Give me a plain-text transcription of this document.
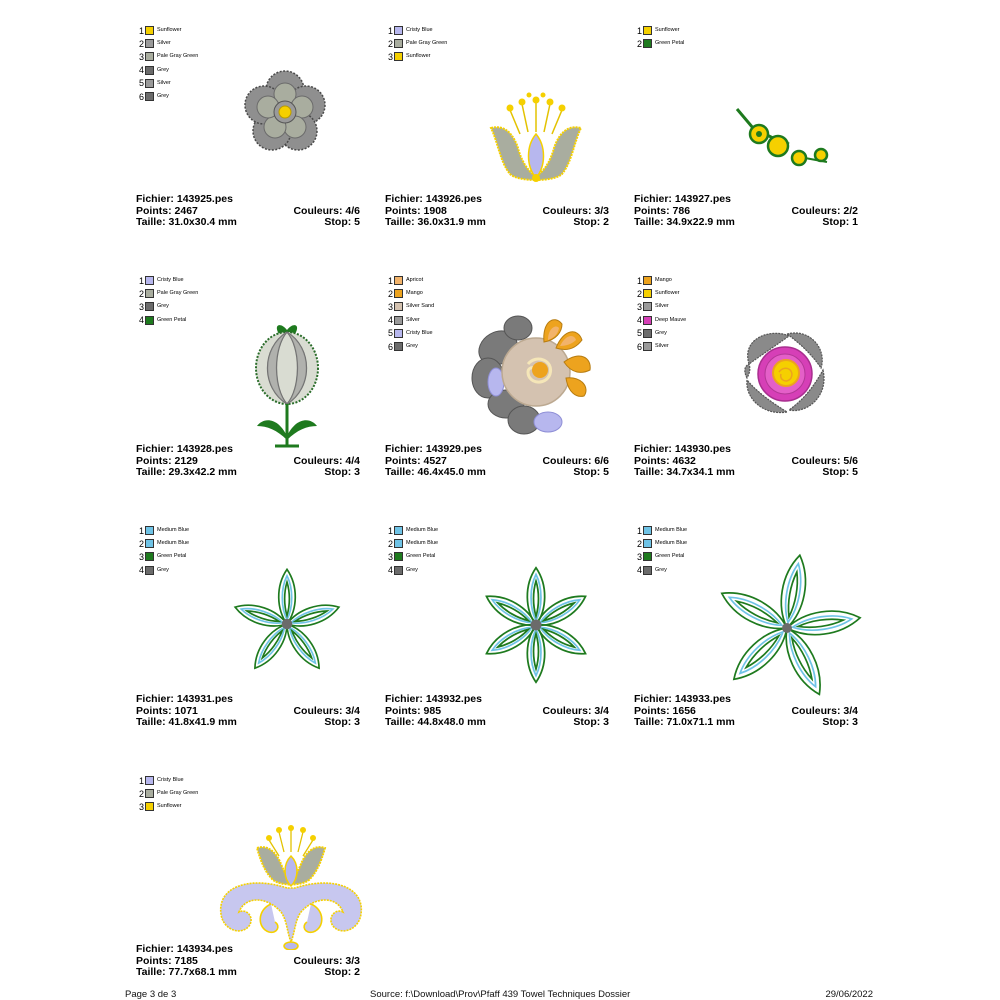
1 Sunflower
2 Silver
3 Pale Gray Green
4 Grey
5 Silver
6 Grey
Fichier: 143925.pes
Points: 2467	Couleurs: 4/6
Taille: 31.0x30.4 mm	Stop: 5
1 Cristy Blue
2 Pale Gray Green
3 Sunflower
Fichier: 143926.pes
Points: 1908	Couleurs: 3/3
Taille: 36.0x31.9 mm	Stop: 2
1 Sunflower
2 Green Petal
Fichier: 143927.pes
Points: 786	Couleurs: 2/2
Taille: 34.9x22.9 mm	Stop: 1
1 Cristy Blue
2 Pale Gray Green
3 Grey
4 Green Petal
Fichier: 143928.pes
Points: 2129	Couleurs: 4/4
Taille: 29.3x42.2 mm	Stop: 3
1 Apricot
2 Mango
3 Silver Sand
4 Silver
5 Cristy Blue
6 Grey
Fichier: 143929.pes
Points: 4527	Couleurs: 6/6
Taille: 46.4x45.0 mm	Stop: 5
1 Mango
2 Sunflower
3 Silver
4 Deep Mauve
5 Grey
6 Silver
Fichier: 143930.pes
Points: 4632	Couleurs: 5/6
Taille: 34.7x34.1 mm	Stop: 5
1 Medium Blue
2 Medium Blue
3 Green Petal
4 Grey
Fichier: 143931.pes
Points: 1071	Couleurs: 3/4
Taille: 41.8x41.9 mm	Stop: 3
1 Medium Blue
2 Medium Blue
3 Green Petal
4 Grey
Fichier: 143932.pes
Points: 985	Couleurs: 3/4
Taille: 44.8x48.0 mm	Stop: 3
1 Medium Blue
2 Medium Blue
3 Green Petal
4 Grey
Fichier: 143933.pes
Points: 1656	Couleurs: 3/4
Taille: 71.0x71.1 mm	Stop: 3
1 Cristy Blue
2 Pale Gray Green
3 Sunflower
Fichier: 143934.pes
Points: 7185	Couleurs: 3/3
Taille: 77.7x68.1 mm	Stop: 2
Page 3 de 3	Source: f:\Download\Prov\Pfaff 439 Towel Techniques Dossier	29/06/2022
